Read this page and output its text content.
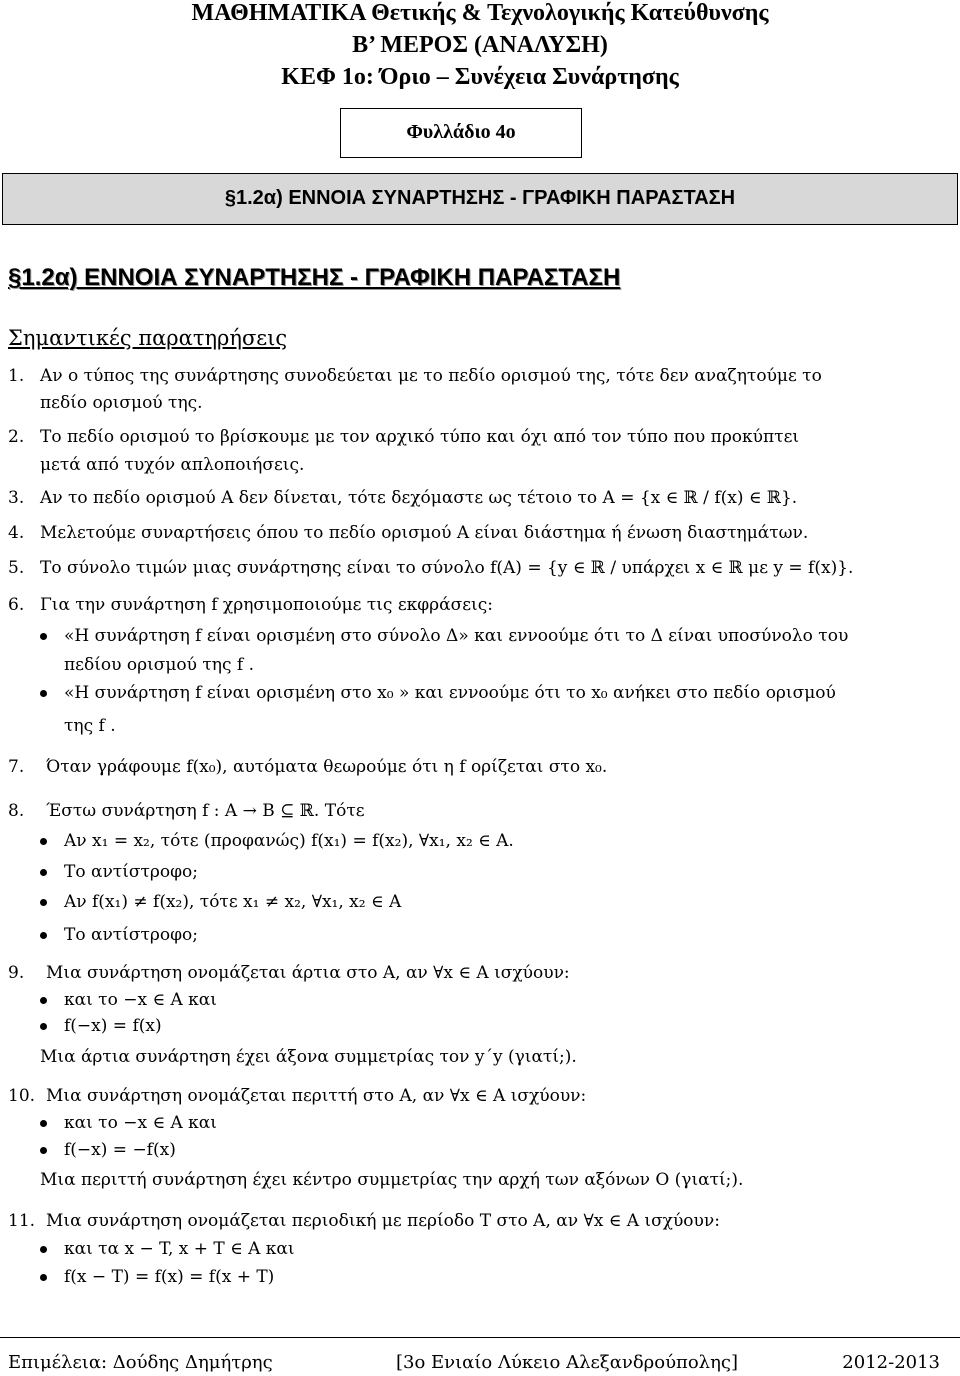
ΜΑΘΗΜΑΤΙΚΑ Θετικής & Τεχνολογικής Κατεύθυνσης
Β’ ΜΕΡΟΣ (ΑΝΑΛΥΣΗ)
ΚΕΦ 1ο: Όριο – Συνέχεια Συνάρτησης
Φυλλάδιο 4ο
§1.2α) ΕΝΝΟΙΑ ΣΥΝΑΡΤΗΣΗΣ - ΓΡΑΦΙΚΗ ΠΑΡΑΣΤΑΣΗ
§1.2α) ΕΝΝΟΙΑ ΣΥΝΑΡΤΗΣΗΣ - ΓΡΑΦΙΚΗ ΠΑΡΑΣΤΑΣΗ
Σημαντικές παρατηρήσεις
1. Αν ο τύπος της συνάρτησης συνοδεύεται με το πεδίο ορισμού της, τότε δεν αναζητούμε το
πεδίο ορισμού της.
2. Το πεδίο ορισμού το βρίσκουμε με τον αρχικό τύπο και όχι από τον τύπο που προκύπτει
μετά από τυχόν απλοποιήσεις.
3. Αν το πεδίο ορισμού Α δεν δίνεται, τότε δεχόμαστε ως τέτοιο το Α = {x ∈ ℝ / f(x) ∈ ℝ}.
4. Μελετούμε συναρτήσεις όπου το πεδίο ορισμού Α είναι διάστημα ή ένωση διαστημάτων.
5. Το σύνολο τιμών μιας συνάρτησης είναι το σύνολο f(A) = {y ∈ ℝ / υπάρχει x ∈ ℝ με y = f(x)}.
6. Για την συνάρτηση f χρησιμοποιούμε τις εκφράσεις:
«Η συνάρτηση f είναι ορισμένη στο σύνολο Δ» και εννοούμε ότι το Δ είναι υποσύνολο του
πεδίου ορισμού της f .
«Η συνάρτηση f είναι ορισμένη στο x₀ » και εννοούμε ότι το x₀ ανήκει στο πεδίο ορισμού
της f .
7. Όταν γράφουμε f(x₀), αυτόματα θεωρούμε ότι η f ορίζεται στο x₀.
8. Έστω συνάρτηση f : A → B ⊆ ℝ. Τότε
Αν x₁ = x₂, τότε (προφανώς) f(x₁) = f(x₂), ∀x₁, x₂ ∈ A.
Το αντίστροφο;
Αν f(x₁) ≠ f(x₂), τότε x₁ ≠ x₂, ∀x₁, x₂ ∈ A
Το αντίστροφο;
9. Μια συνάρτηση ονομάζεται άρτια στο Α, αν ∀x ∈ A ισχύουν:
και το −x ∈ A και
f(−x) = f(x)
Μια άρτια συνάρτηση έχει άξονα συμμετρίας τον y΄y (γιατί;).
10. Μια συνάρτηση ονομάζεται περιττή στο Α, αν ∀x ∈ A ισχύουν:
και το −x ∈ A και
f(−x) = −f(x)
Μια περιττή συνάρτηση έχει κέντρο συμμετρίας την αρχή των αξόνων Ο (γιατί;).
11. Μια συνάρτηση ονομάζεται περιοδική με περίοδο Τ στο Α, αν ∀x ∈ A ισχύουν:
και τα x − T, x + T ∈ A και
f(x − T) = f(x) = f(x + T)
Επιμέλεια: Δούδης Δημήτρης	[3ο Ενιαίο Λύκειο Αλεξανδρούπολης]	2012-2013
